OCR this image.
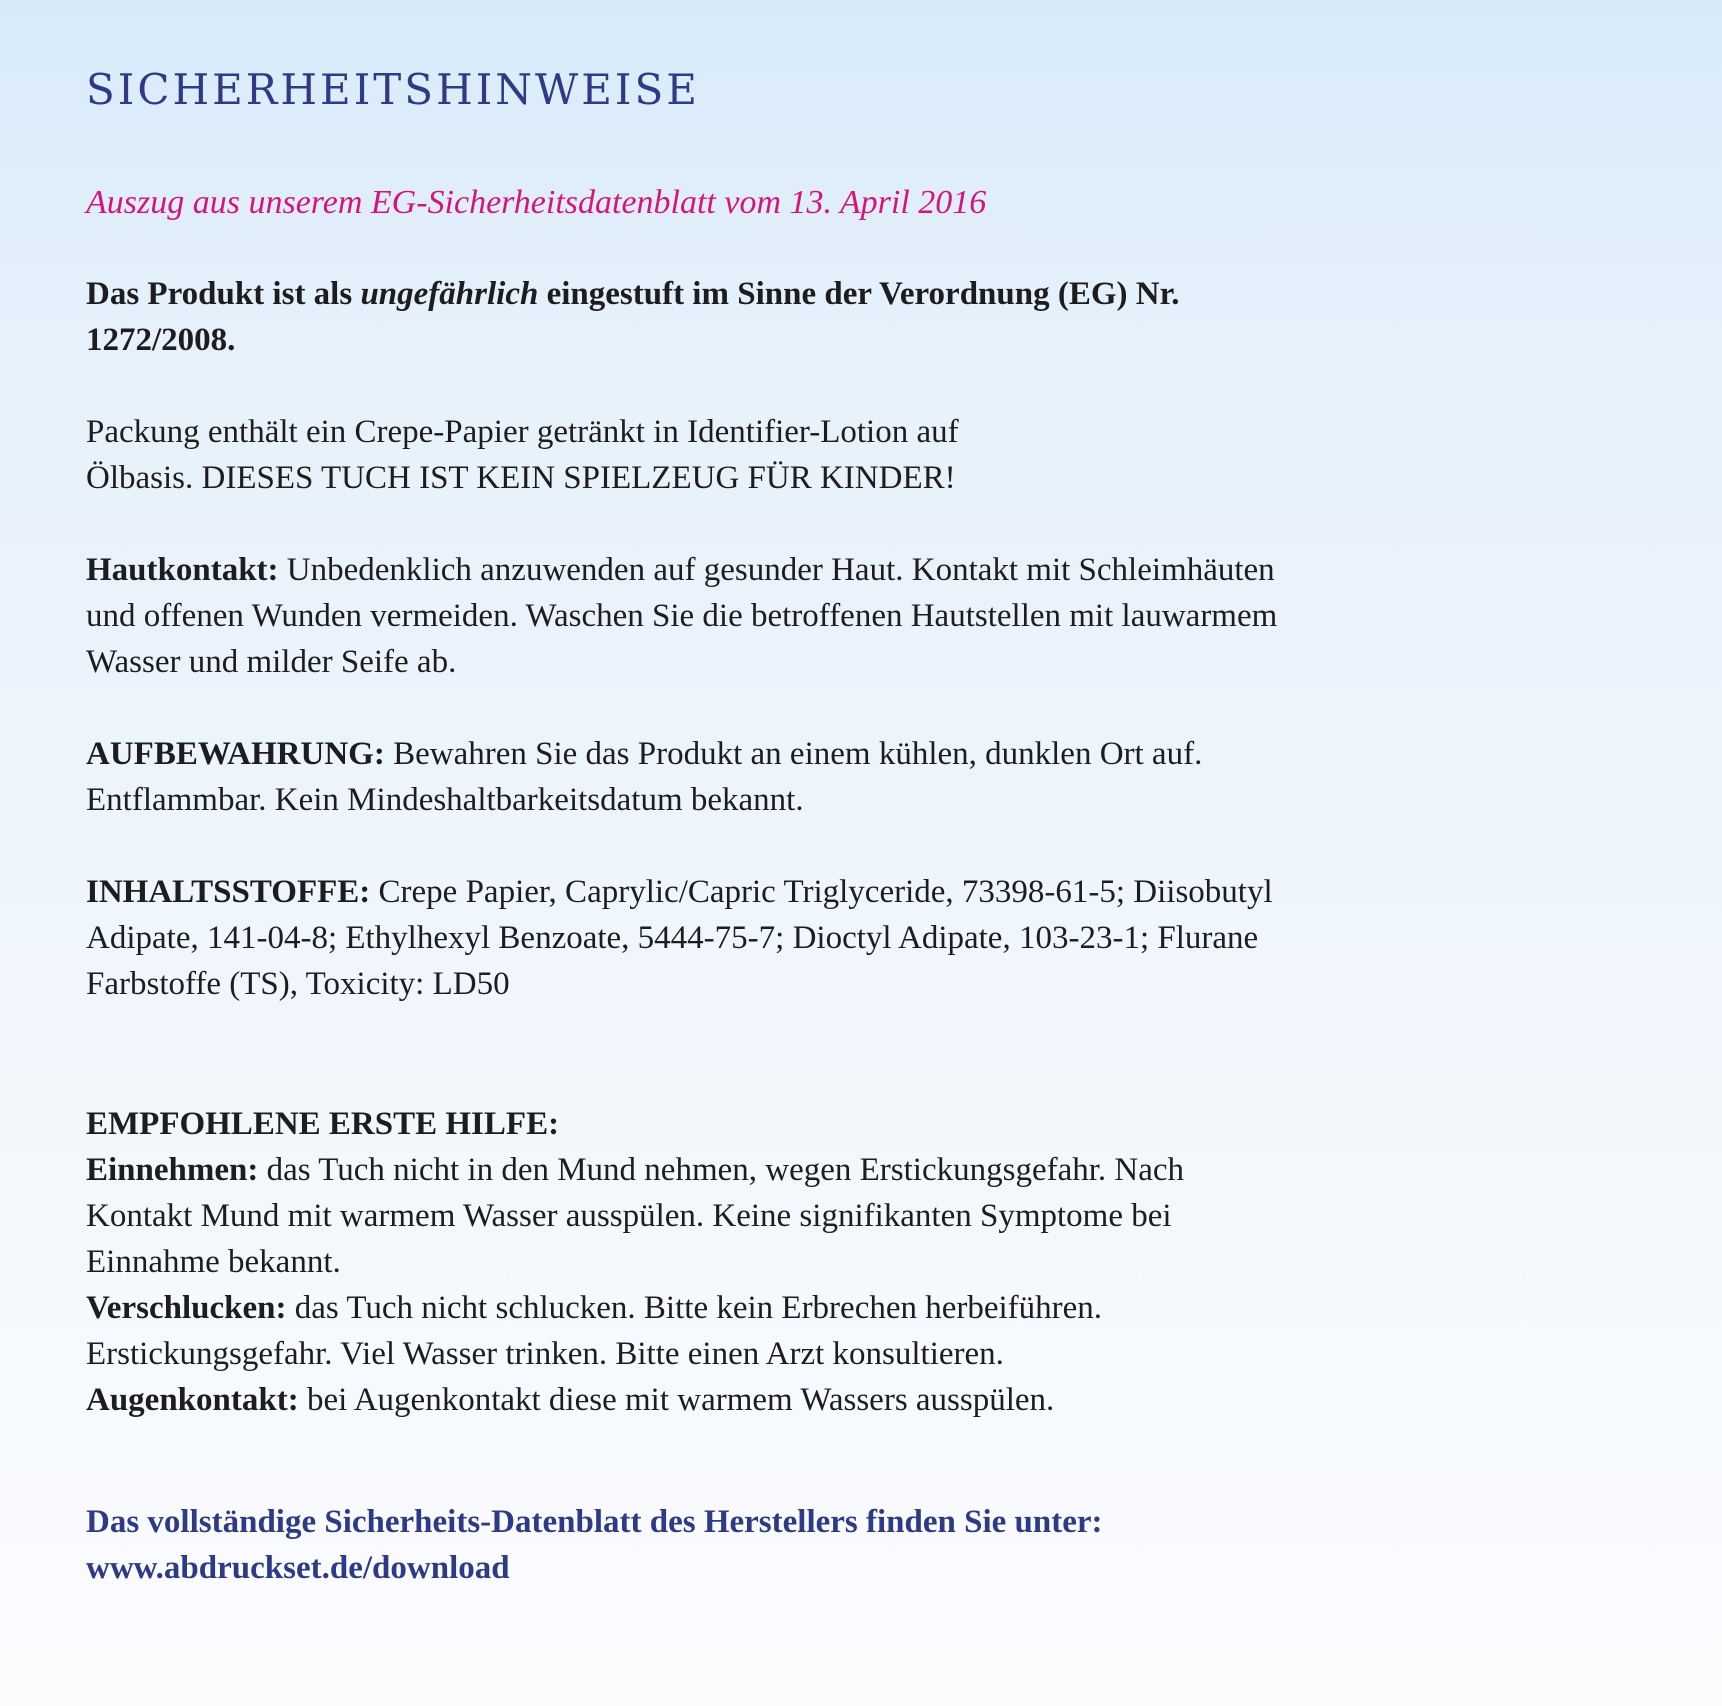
SICHERHEITSHINWEISE
Auszug aus unserem EG-Sicherheitsdatenblatt vom 13. April 2016
Das Produkt ist als ungefährlich eingestuft im Sinne der Verordnung (EG) Nr. 1272/2008.
Packung enthält ein Crepe-Papier getränkt in Identifier-Lotion auf
Ölbasis. DIESES TUCH IST KEIN SPIELZEUG FÜR KINDER!
Hautkontakt: Unbedenklich anzuwenden auf gesunder Haut. Kontakt mit Schleimhäuten und offenen Wunden vermeiden. Waschen Sie die betroffenen Hautstellen mit lauwarmem Wasser und milder Seife ab.
AUFBEWAHRUNG: Bewahren Sie das Produkt an einem kühlen, dunklen Ort auf. Entflammbar. Kein Mindeshaltbarkeitsdatum bekannt.
INHALTSSTOFFE: Crepe Papier, Caprylic/Capric Triglyceride, 73398-61-5; Diisobutyl Adipate, 141-04-8; Ethylhexyl Benzoate, 5444-75-7; Dioctyl Adipate, 103-23-1; Flurane Farbstoffe (TS), Toxicity: LD50
EMPFOHLENE ERSTE HILFE:
Einnehmen: das Tuch nicht in den Mund nehmen, wegen Erstickungsgefahr. Nach Kontakt Mund mit warmem Wasser ausspülen. Keine signifikanten Symptome bei Einnahme bekannt.
Verschlucken: das Tuch nicht schlucken. Bitte kein Erbrechen herbeiführen. Erstickungsgefahr. Viel Wasser trinken. Bitte einen Arzt konsultieren.
Augenkontakt: bei Augenkontakt diese mit warmem Wassers ausspülen.
Das vollständige Sicherheits-Datenblatt des Herstellers finden Sie unter:
www.abdruckset.de/download
